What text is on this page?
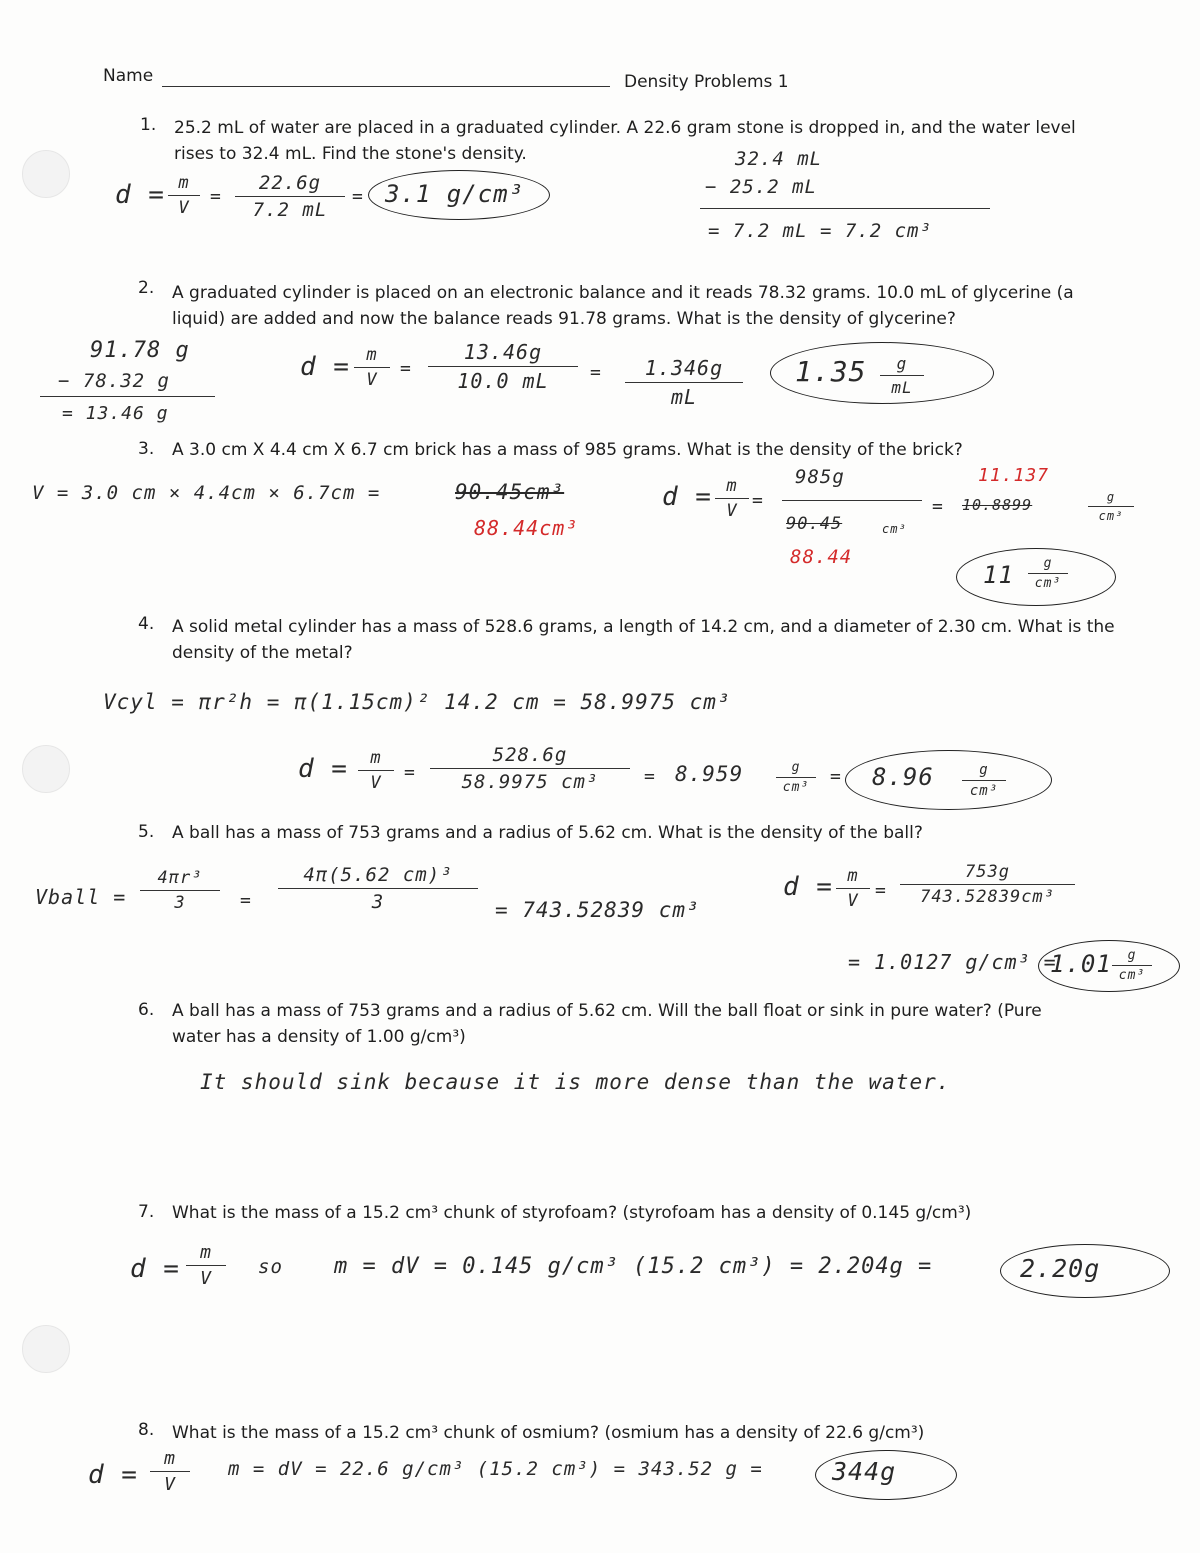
Name	Density Problems 1
1. 25.2 mL of water are placed in a graduated cylinder. A 22.6 gram stone is dropped in, and the water level rises to 32.4 mL. Find the stone's density.
d = m
V
=
22.6g
7.2 mL
= 3.1 g/cm³
32.4 mL
− 25.2 mL
= 7.2 mL = 7.2 cm³
2. A graduated cylinder is placed on an electronic balance and it reads 78.32 grams. 10.0 mL of glycerine (a liquid) are added and now the balance reads 91.78 grams. What is the density of glycerine?
91.78 g
− 78.32 g
= 13.46 g
d = m
V
=
13.46g
10.0 mL	=	1.346g
mL
1.35	g
mL
3. A 3.0 cm X 4.4 cm X 6.7 cm brick has a mass of 985 grams. What is the density of the brick?
V = 3.0 cm × 4.4cm × 6.7cm =	90.45cm³
88.44cm³
d = m
V =
985g
90.45	cm³
88.44
=
11.137
10.8899	g
cm³
11	g
cm³
4. A solid metal cylinder has a mass of 528.6 grams, a length of 14.2 cm, and a diameter of 2.30 cm. What is the density of the metal?
Vcyl = πr²h = π(1.15cm)² 14.2 cm = 58.9975 cm³
d =	m
V	=
528.6g
58.9975 cm³	= 8.959	g
cm³
= 8.96	g
cm³
5. A ball has a mass of 753 grams and a radius of 5.62 cm. What is the density of the ball?
Vball =
4πr³
3	=
4π(5.62 cm)³
3	= 743.52839 cm³
d = m
V =
753g
743.52839cm³
= 1.0127 g/cm³ =
1.01	g
cm³
6. A ball has a mass of 753 grams and a radius of 5.62 cm. Will the ball float or sink in pure water? (Pure water has a density of 1.00 g/cm³)
It should sink because it is more dense than the water.
7. What is the mass of a 15.2 cm³ chunk of styrofoam? (styrofoam has a density of 0.145 g/cm³)
d =
m
V
so m = dV = 0.145 g/cm³ (15.2 cm³) = 2.204g =	2.20g
8. What is the mass of a 15.2 cm³ chunk of osmium? (osmium has a density of 22.6 g/cm³)
d =
m
V
m = dV = 22.6 g/cm³ (15.2 cm³) = 343.52 g =	344g
